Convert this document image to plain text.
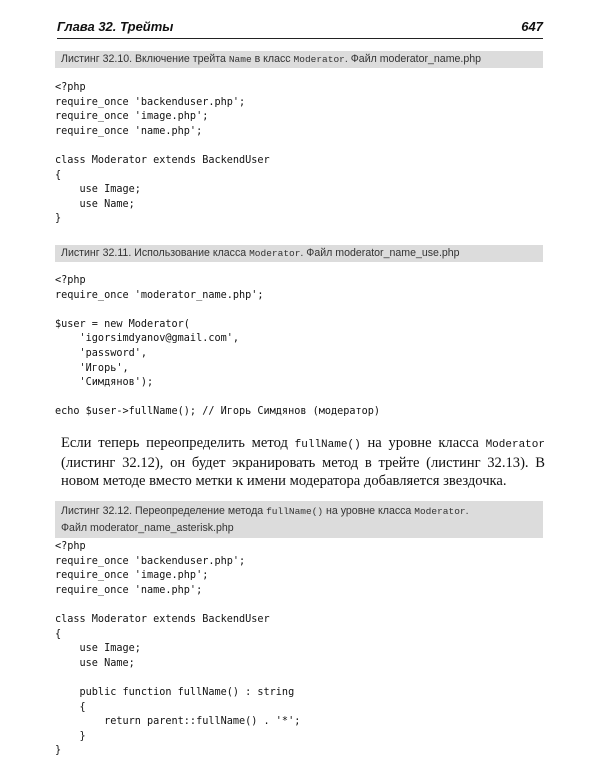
Глава 32. Трейты	647
Листинг 32.10. Включение трейта Name в класс Moderator. Файл moderator_name.php
<?php
require_once 'backenduser.php';
require_once 'image.php';
require_once 'name.php';

class Moderator extends BackendUser
{
use Image;
use Name;
}
Листинг 32.11. Использование класса Moderator. Файл moderator_name_use.php
<?php
require_once 'moderator_name.php';

$user = new Moderator(
'igorsimdyanov@gmail.com',
'password',
'Игорь',
'Симдянов');

echo $user->fullName(); // Игорь Симдянов (модератор)

Если теперь переопределить метод fullName() на уровне класса Moderator (листинг 32.12), он будет экранировать метод в трейте (листинг 32.13). В новом методе вместо метки к имени модератора добавляется звездочка.

Листинг 32.12. Переопределение метода fullName() на уровне класса Moderator.
Файл moderator_name_asterisk.php
<?php
require_once 'backenduser.php';
require_once 'image.php';
require_once 'name.php';

class Moderator extends BackendUser
{
use Image;
use Name;

public function fullName() : string
{
return parent::fullName() . '*';
}
}
